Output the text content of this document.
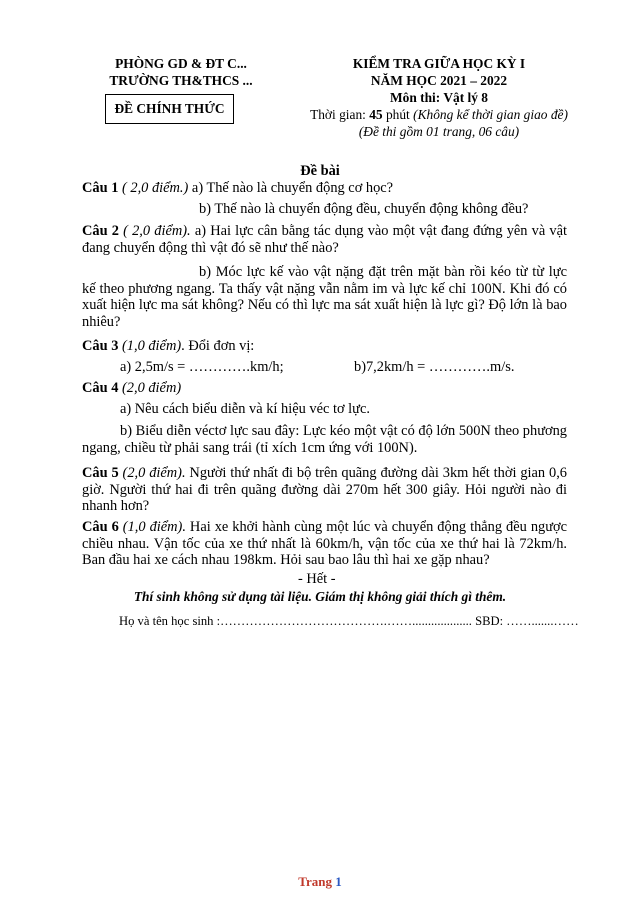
PHÒNG GD & ĐT C...
TRƯỜNG TH&THCS ...
ĐỀ CHÍNH THỨC
KIỂM TRA GIỮA HỌC KỲ I
NĂM HỌC 2021 – 2022
Môn thi: Vật lý 8
Thời gian: 45 phút (Không kể thời gian giao đề)
(Đề thi gồm 01 trang, 06 câu)
Đề bài
Câu 1 ( 2,0 điểm.) a) Thế nào là chuyển động cơ học?
b) Thế nào là chuyển động đều, chuyển động không đều?
Câu 2 ( 2,0 điểm). a) Hai lực cân bằng tác dụng vào một vật đang đứng yên và vật đang chuyển động thì vật đó sẽ như thế nào?
b) Móc lực kế vào vật nặng đặt trên mặt bàn rồi kéo từ từ lực kế theo phương ngang. Ta thấy vật nặng vẫn nằm im và lực kế chỉ 100N. Khi đó có xuất hiện lực ma sát không? Nếu có thì lực ma sát xuất hiện là lực gì? Độ lớn là bao nhiêu?
Câu 3 (1,0 điểm). Đổi đơn vị:
a) 2,5m/s = ………….km/h;	b)7,2km/h = ………….m/s.
Câu 4 (2,0 điểm)
a) Nêu cách biểu diễn và kí hiệu véc tơ lực.
b) Biểu diễn véctơ lực sau đây: Lực kéo một vật có độ lớn 500N theo phương ngang, chiều từ phải sang trái (tỉ xích 1cm ứng với 100N).
Câu 5 (2,0 điểm). Người thứ nhất đi bộ trên quãng đường dài 3km hết thời gian 0,6 giờ. Người thứ hai đi trên quãng đường dài 270m hết 300 giây. Hỏi người nào đi nhanh hơn?
Câu 6 (1,0 điểm). Hai xe khởi hành cùng một lúc và chuyển động thẳng đều ngược chiều nhau. Vận tốc của xe thứ nhất là 60km/h, vận tốc của xe thứ hai là 72km/h. Ban đầu hai xe cách nhau 198km. Hỏi sau bao lâu thì hai xe gặp nhau?
- Hết -
Thí sinh không sử dụng tài liệu. Giám thị không giải thích gì thêm.
Họ và tên học sinh :………………………………….……................... SBD: …….......……
Trang 1
